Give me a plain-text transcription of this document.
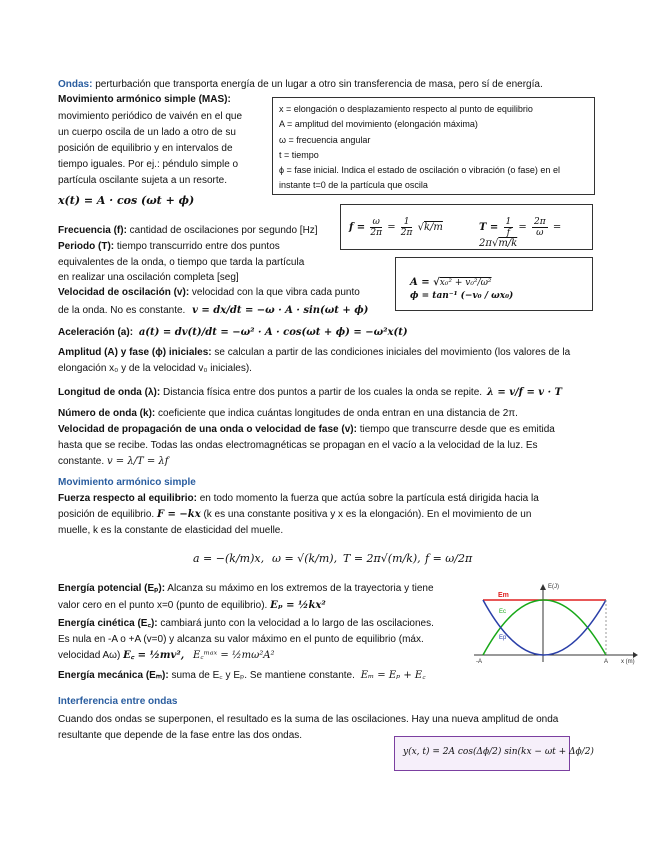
Ondas: perturbación que transporta energía de un lugar a otro sin transferencia de masa, pero sí de energía.
Movimiento armónico simple (MAS):
movimiento periódico de vaivén en el que
un cuerpo oscila de un lado a otro de su
posición de equilibrio y en intervalos de
tiempo iguales. Por ej.: péndulo simple o
partícula oscilante sujeta a un resorte.
x(t) = A · cos (ωt + ϕ)
x = elongación o desplazamiento respecto al punto de equilibrio
A = amplitud del movimiento (elongación máxima)
ω = frecuencia angular
t = tiempo
ϕ = fase inicial. Indica el estado de oscilación o vibración (o fase) en el
instante t=0 de la partícula que oscila
Frecuencia (f): cantidad de oscilaciones por segundo [Hz]
Periodo (T): tiempo transcurrido entre dos puntos
equivalentes de la onda, o tiempo que tarda la partícula
en realizar una oscilación completa [seg]
$f = \frac{\omega}{2\pi} = \frac{1}{2\pi} √k/m$	$T = \frac{1}{f} = \frac{2\pi}{\omega} = 2\pi√m/k$
A = √x₀² + v₀²/ω²
ϕ = tan⁻¹ (−v₀ / ωx₀)
Velocidad de oscilación (v): velocidad con la que vibra cada punto
de la onda. No es constante. v = dx/dt = −ω · A · sin(ωt + ϕ)
Aceleración (a): a(t) = dv(t)/dt = −ω² · A · cos(ωt + ϕ) = −ω²x(t)
Amplitud (A) y fase (ϕ) iniciales: se calculan a partir de las condiciones iniciales del movimiento (los valores de la
elongación x₀ y de la velocidad v₀ iniciales).
Longitud de onda (λ): Distancia física entre dos puntos a partir de los cuales la onda se repite. λ = v/f = v · T
Número de onda (k): coeficiente que indica cuántas longitudes de onda entran en una distancia de 2π.
Velocidad de propagación de una onda o velocidad de fase (v): tiempo que transcurre desde que es emitida
hasta que se recibe. Todas las ondas electromagnéticas se propagan en el vacío a la velocidad de la luz. Es
constante. v = λ/T = λf
Movimiento armónico simple
Fuerza respecto al equilibrio: en todo momento la fuerza que actúa sobre la partícula está dirigida hacia la
posición de equilibrio. F = −kx (k es una constante positiva y x es la elongación). En el movimiento de un
muelle, k es la constante de elasticidad del muelle.
a = −(k/m)x, ω = √(k/m), T = 2π√(m/k), f = ω/2π
Energía potencial (Eₚ): Alcanza su máximo en los extremos de la trayectoria y tiene
valor cero en el punto x=0 (punto de equilibrio). Eₚ = ½kx²
Energía cinética (E꜀): cambiará junto con la velocidad a lo largo de las oscilaciones.
Es nula en -A o +A (v=0) y alcanza su valor máximo en el punto de equilibrio (máx.
velocidad Aω) E꜀ = ½mv², E꜀ᵐᵃˣ = ½mω²A²
Energía mecánica (Eₘ): suma de E꜀ y Eₚ. Se mantiene constante. Eₘ = Eₚ + E꜀
E(J)
Em
Ec
Ep
-A	A x (m)
Interferencia entre ondas
Cuando dos ondas se superponen, el resultado es la suma de las oscilaciones. Hay una nueva amplitud de onda
resultante que depende de la fase entre las dos ondas.
y(x, t) = 2A cos(Δϕ/2) sin(kx − ωt + Δϕ/2)
